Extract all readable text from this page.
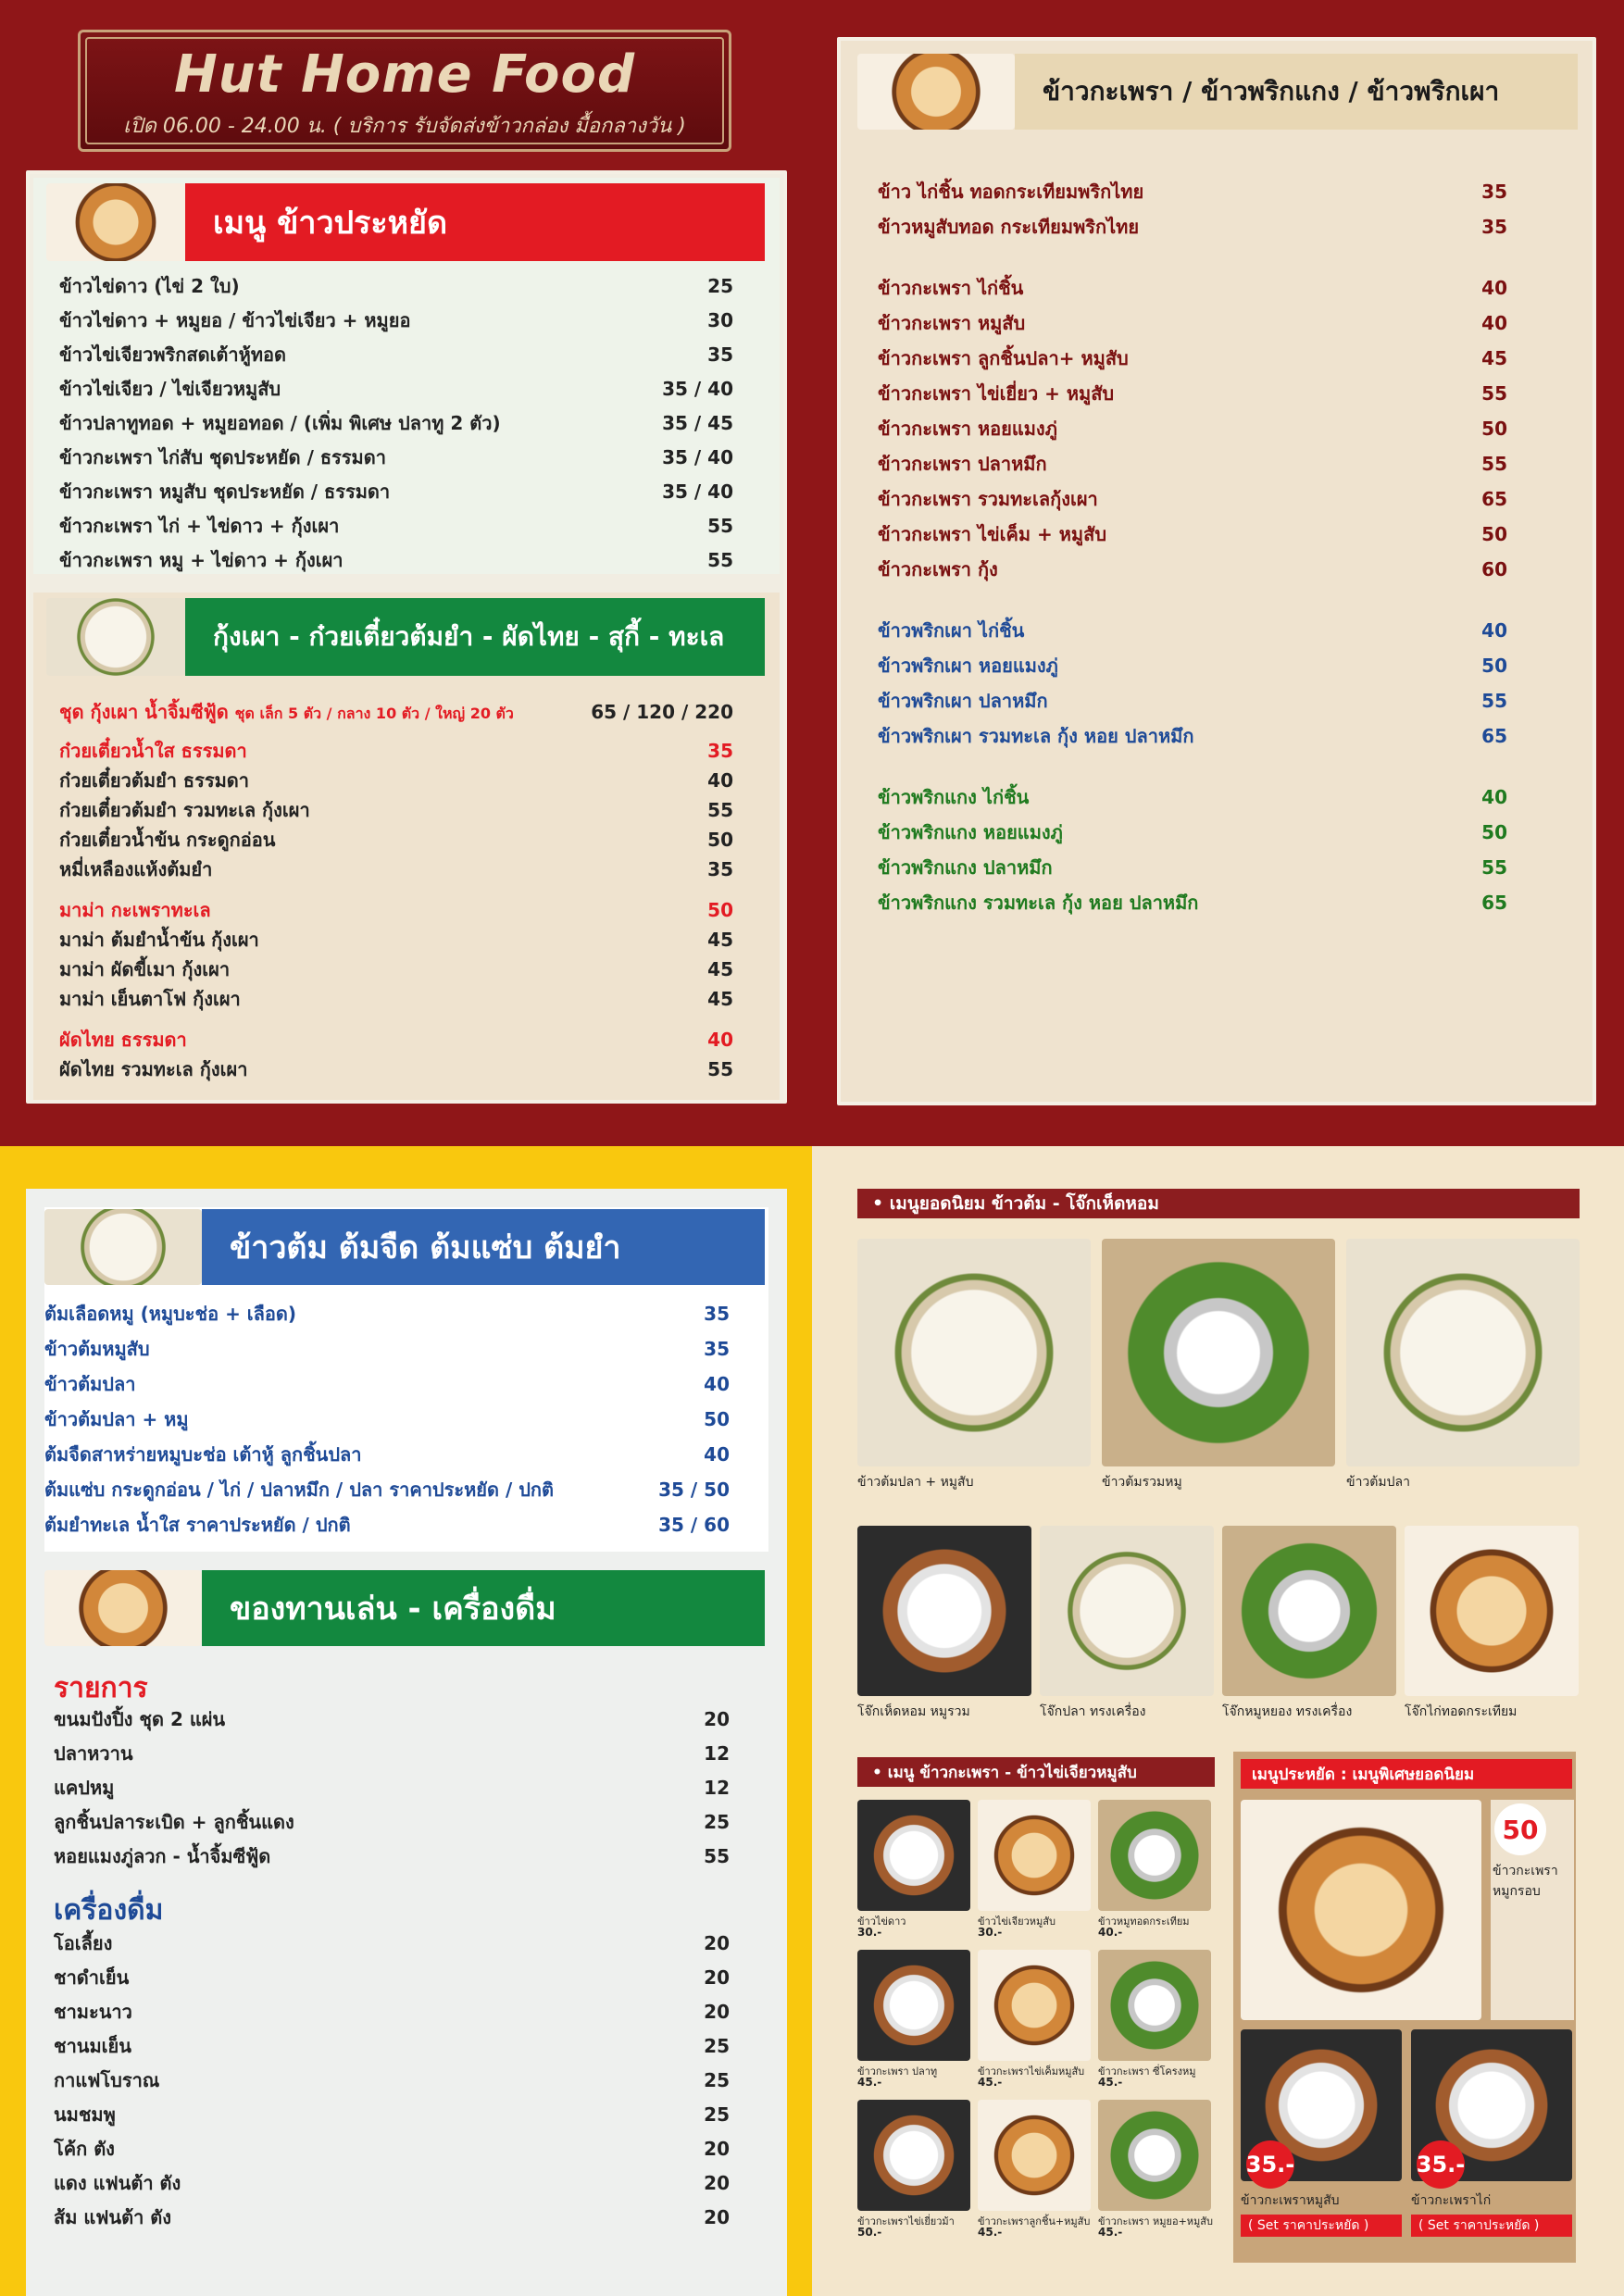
Hut Home Food
เปิด 06.00 - 24.00 น. ( บริการ รับจัดส่งข้าวกล่อง มื้อกลางวัน )
เมนู ข้าวประหยัด
ข้าวไข่ดาว (ไข่ 2 ใบ)	25
ข้าวไข่ดาว + หมูยอ / ข้าวไข่เจียว + หมูยอ	30
ข้าวไข่เจียวพริกสดเต้าหู้ทอด	35
ข้าวไข่เจียว / ไข่เจียวหมูสับ	35 / 40
ข้าวปลาทูทอด + หมูยอทอด / (เพิ่ม พิเศษ ปลาทู 2 ตัว)	35 / 45
ข้าวกะเพรา ไก่สับ ชุดประหยัด / ธรรมดา	35 / 40
ข้าวกะเพรา หมูสับ ชุดประหยัด / ธรรมดา	35 / 40
ข้าวกะเพรา ไก่ + ไข่ดาว + กุ้งเผา	55
ข้าวกะเพรา หมู + ไข่ดาว + กุ้งเผา	55
กุ้งเผา - ก๋วยเตี๋ยวต้มยำ - ผัดไทย - สุกี้ - ทะเล
ชุด กุ้งเผา น้ำจิ้มซีฟู้ด ชุด เล็ก 5 ตัว / กลาง 10 ตัว / ใหญ่ 20 ตัว	65 / 120 / 220
ก๋วยเตี๋ยวน้ำใส ธรรมดา	35
ก๋วยเตี๋ยวต้มยำ ธรรมดา	40
ก๋วยเตี๋ยวต้มยำ รวมทะเล กุ้งเผา	55
ก๋วยเตี๋ยวน้ำข้น กระดูกอ่อน	50
หมี่เหลืองแห้งต้มยำ	35
มาม่า กะเพราทะเล	50
มาม่า ต้มยำน้ำข้น กุ้งเผา	45
มาม่า ผัดขี้เมา กุ้งเผา	45
มาม่า เย็นตาโฟ กุ้งเผา	45
ผัดไทย ธรรมดา	40
ผัดไทย รวมทะเล กุ้งเผา	55
ข้าวกะเพรา / ข้าวพริกแกง / ข้าวพริกเผา
ข้าว ไก่ชิ้น ทอดกระเทียมพริกไทย	35
ข้าวหมูสับทอด กระเทียมพริกไทย	35
ข้าวกะเพรา ไก่ชิ้น	40
ข้าวกะเพรา หมูสับ	40
ข้าวกะเพรา ลูกชิ้นปลา+ หมูสับ	45
ข้าวกะเพรา ไข่เยี่ยว + หมูสับ	55
ข้าวกะเพรา หอยแมงภู่	50
ข้าวกะเพรา ปลาหมึก	55
ข้าวกะเพรา รวมทะเลกุ้งเผา	65
ข้าวกะเพรา ไข่เค็ม + หมูสับ	50
ข้าวกะเพรา กุ้ง	60
ข้าวพริกเผา ไก่ชิ้น	40
ข้าวพริกเผา หอยแมงภู่	50
ข้าวพริกเผา ปลาหมึก	55
ข้าวพริกเผา รวมทะเล กุ้ง หอย ปลาหมึก	65
ข้าวพริกแกง ไก่ชิ้น	40
ข้าวพริกแกง หอยแมงภู่	50
ข้าวพริกแกง ปลาหมึก	55
ข้าวพริกแกง รวมทะเล กุ้ง หอย ปลาหมึก	65
ข้าวต้ม ต้มจืด ต้มแซ่บ ต้มยำ
ต้มเลือดหมู (หมูบะช่อ + เลือด)	35
ข้าวต้มหมูสับ	35
ข้าวต้มปลา	40
ข้าวต้มปลา + หมู	50
ต้มจืดสาหร่ายหมูบะช่อ เต้าหู้ ลูกชิ้นปลา	40
ต้มแซ่บ กระดูกอ่อน / ไก่ / ปลาหมึก / ปลา ราคาประหยัด / ปกติ	35 / 50
ต้มยำทะเล น้ำใส ราคาประหยัด / ปกติ	35 / 60
ของทานเล่น - เครื่องดื่ม
รายการ
ขนมปังปิ้ง ชุด 2 แผ่น	20
ปลาหวาน	12
แคปหมู	12
ลูกชิ้นปลาระเบิด + ลูกชิ้นแดง	25
หอยแมงภู่ลวก - น้ำจิ้มซีฟู้ด	55
เครื่องดื่ม
โอเลี้ยง	20
ชาดำเย็น	20
ชามะนาว	20
ชานมเย็น	25
กาแฟโบราณ	25
นมชมพู	25
โค้ก ตัง	20
แดง แฟนต้า ตัง	20
ส้ม แฟนต้า ตัง	20
• เมนูยอดนิยม ข้าวต้ม - โจ๊กเห็ดหอม
• เมนู ข้าวกะเพรา - ข้าวไข่เจียวหมูสับ	เมนูประหยัด : เมนูพิเศษยอดนิยม
50
ข้าวกะเพรา หมูกรอบ
35.-
ข้าวกะเพราหมูสับ
( Set ราคาประหยัด )
35.-
ข้าวกะเพราไก่
( Set ราคาประหยัด )
ข้าวต้มปลา + หมูสับ	ข้าวต้มรวมหมู	ข้าวต้มปลา
โจ๊กเห็ดหอม หมูรวม	โจ๊กปลา ทรงเครื่อง	โจ๊กหมูหยอง ทรงเครื่อง	โจ๊กไก่ทอดกระเทียม
ข้าวไข่ดาว
30.-
ข้าวไข่เจียวหมูสับ
30.-
ข้าวหมูทอดกระเทียม
40.-
ข้าวกะเพรา ปลาทู
45.-
ข้าวกะเพราไข่เค็มหมูสับ
45.-
ข้าวกะเพรา ซี่โครงหมู
45.-
ข้าวกะเพราไข่เยี่ยวม้า
50.-
ข้าวกะเพราลูกชิ้น+หมูสับ
45.-
ข้าวกะเพรา หมูยอ+หมูสับ
45.-
